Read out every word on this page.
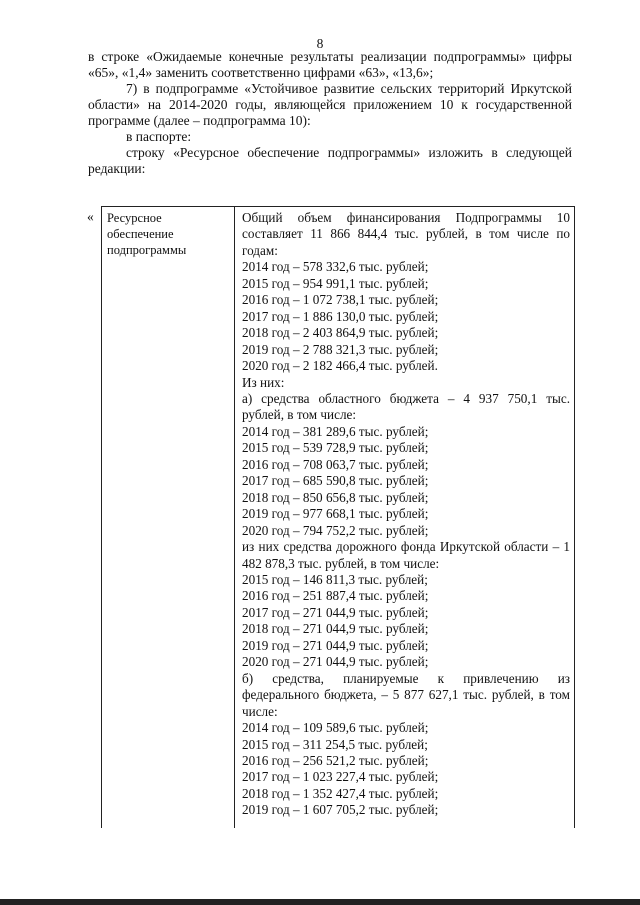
8

в строке «Ожидаемые конечные результаты реализации подпрограммы» цифры «65», «1,4» заменить соответственно цифрами «63», «13,6»;

7) в подпрограмме «Устойчивое развитие сельских территорий Иркутской области» на 2014-2020 годы, являющейся приложением 10 к государственной программе (далее – подпрограмма 10):

в паспорте:

строку «Ресурсное обеспечение подпрограммы» изложить в следующей редакции:

« Ресурсное
обеспечение
подпрограммы
Общий объем финансирования Подпрограммы 10 составляет 11 866 844,4 тыс. рублей, в том числе по годам:
2014 год – 578 332,6 тыс. рублей;
2015 год – 954 991,1 тыс. рублей;
2016 год – 1 072 738,1 тыс. рублей;
2017 год – 1 886 130,0 тыс. рублей;
2018 год – 2 403 864,9 тыс. рублей;
2019 год – 2 788 321,3 тыс. рублей;
2020 год – 2 182 466,4 тыс. рублей.
Из них:
а) средства областного бюджета – 4 937 750,1 тыс. рублей, в том числе:
2014 год – 381 289,6 тыс. рублей;
2015 год – 539 728,9 тыс. рублей;
2016 год – 708 063,7 тыс. рублей;
2017 год – 685 590,8 тыс. рублей;
2018 год – 850 656,8 тыс. рублей;
2019 год – 977 668,1 тыс. рублей;
2020 год – 794 752,2 тыс. рублей;
из них средства дорожного фонда Иркутской области – 1 482 878,3 тыс. рублей, в том числе:
2015 год – 146 811,3 тыс. рублей;
2016 год – 251 887,4 тыс. рублей;
2017 год – 271 044,9 тыс. рублей;
2018 год – 271 044,9 тыс. рублей;
2019 год – 271 044,9 тыс. рублей;
2020 год – 271 044,9 тыс. рублей;
б) средства, планируемые к привлечению из федерального бюджета, – 5 877 627,1 тыс. рублей, в том числе:
2014 год – 109 589,6 тыс. рублей;
2015 год – 311 254,5 тыс. рублей;
2016 год – 256 521,2 тыс. рублей;
2017 год – 1 023 227,4 тыс. рублей;
2018 год – 1 352 427,4 тыс. рублей;
2019 год – 1 607 705,2 тыс. рублей;
